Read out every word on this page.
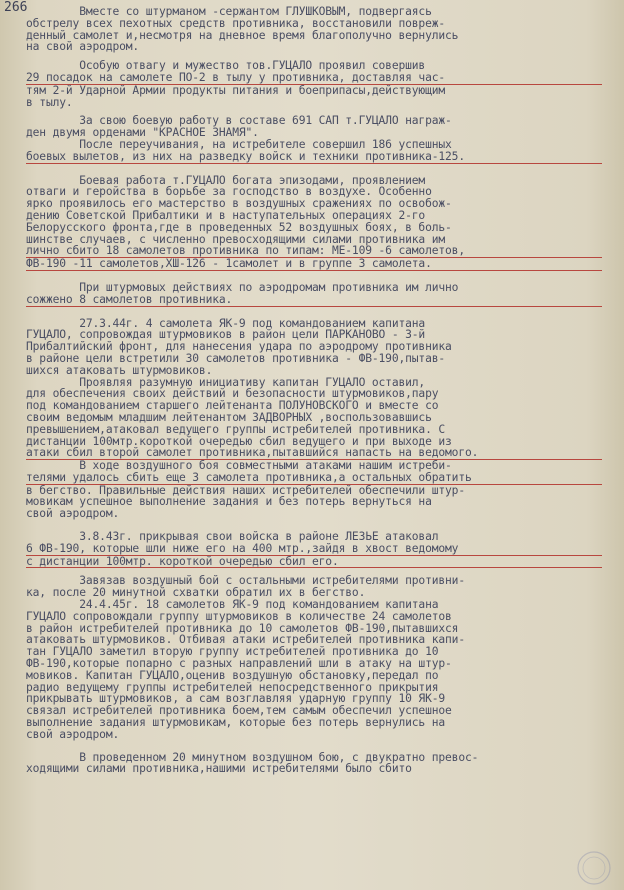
266

Вместе со штурманом -сержантом ГЛУШКОВЫМ, подвергаясь

обстрелу всех пехотных средств противника, восстановили повреж-

денный самолет и,несмотря на дневное время благополучно вернулись

на свой аэродром.

Особую отвагу и мужество тов.ГУЦАЛО проявил совершив

29 посадок на самолете ПО-2 в тылу у противника, доставляя час-

тям 2-й Ударной Армии продукты питания и боеприпасы,действующим

в тылу.

За свою боевую работу в составе 691 САП т.ГУЦАЛО награж-

ден двумя орденами "КРАСНОЕ ЗНАМЯ".

После переучивания, на истребителе совершил 186 успешных

боевых вылетов, из них на разведку войск и техники противника-125.

Боевая работа т.ГУЦАЛО богата эпизодами, проявлением

отваги и геройства в борьбе за господство в воздухе. Особенно

ярко проявилось его мастерство в воздушных сражениях по освобож-

дению Советской Прибалтики и в наступательных операциях 2-го

Белорусского фронта,где в проведенных 52 воздушных боях, в боль-

шинстве случаев, с численно превосходящими силами противника им

лично сбито 18 самолетов противника по типам: МЕ-109 -6 самолетов,

ФВ-190 -11 самолетов,ХШ-126 - 1самолет и в группе 3 самолета.

При штурмовых действиях по аэродромам противника им лично

сожжено 8 самолетов противника.

27.3.44г. 4 самолета ЯК-9 под командованием капитана

ГУЦАЛО, сопровождая штурмовиков в район цели ПАРКАНОВО - 3-й

Прибалтийский фронт, для нанесения удара по аэродрому противника

в районе цели встретили 30 самолетов противника - ФВ-190,пытав-

шихся атаковать штурмовиков.

Проявляя разумную инициативу капитан ГУЦАЛО оставил,

для обеспечения своих действий и безопасности штурмовиков,пару

под командованием старшего лейтенанта ПОЛУНОВСКОГО и вместе со

своим ведомым младшим лейтенантом ЗАДВОРНЫХ ,воспользовавшись

превышением,атаковал ведущего группы истребителей противника. С

дистанции 100мтр.короткой очередью сбил ведущего и при выходе из

атаки сбил второй самолет противника,пытавшийся напасть на ведомого.

В ходе воздушного боя совместными атаками нашим истреби-

телями удалось сбить еще 3 самолета противника,а остальных обратить

в бегство. Правильные действия наших истребителей обеспечили штур-

мовикам успешное выполнение задания и без потерь вернуться на

свой аэродром.

3.8.43г. прикрывая свои войска в районе ЛЕЗЬЕ атаковал

6 ФВ-190, которые шли ниже его на 400 мтр.,зайдя в хвост ведомому

с дистанции 100мтр. короткой очередью сбил его.

Завязав воздушный бой с остальными истребителями противни-

ка, после 20 минутной схватки обратил их в бегство.

24.4.45г. 18 самолетов ЯК-9 под командованием капитана

ГУЦАЛО сопровождали группу штурмовиков в количестве 24 самолетов

в район истребителей противника до 10 самолетов ФВ-190,пытавшихся

атаковать штурмовиков. Отбивая атаки истребителей противника капи-

тан ГУЦАЛО заметил вторую группу истребителей противника до 10

ФВ-190,которые попарно с разных направлений шли в атаку на штур-

мовиков. Капитан ГУЦАЛО,оценив воздушную обстановку,передал по

радио ведущему группы истребителей непосредственного прикрытия

прикрывать штурмовиков, а сам возглавляя ударную группу 10 ЯК-9

связал истребителей противника боем,тем самым обеспечил успешное

выполнение задания штурмовикам, которые без потерь вернулись на

свой аэродром.

В проведенном 20 минутном воздушном бою, с двукратно превос-

ходящими силами противника,нашими истребителями было сбито
